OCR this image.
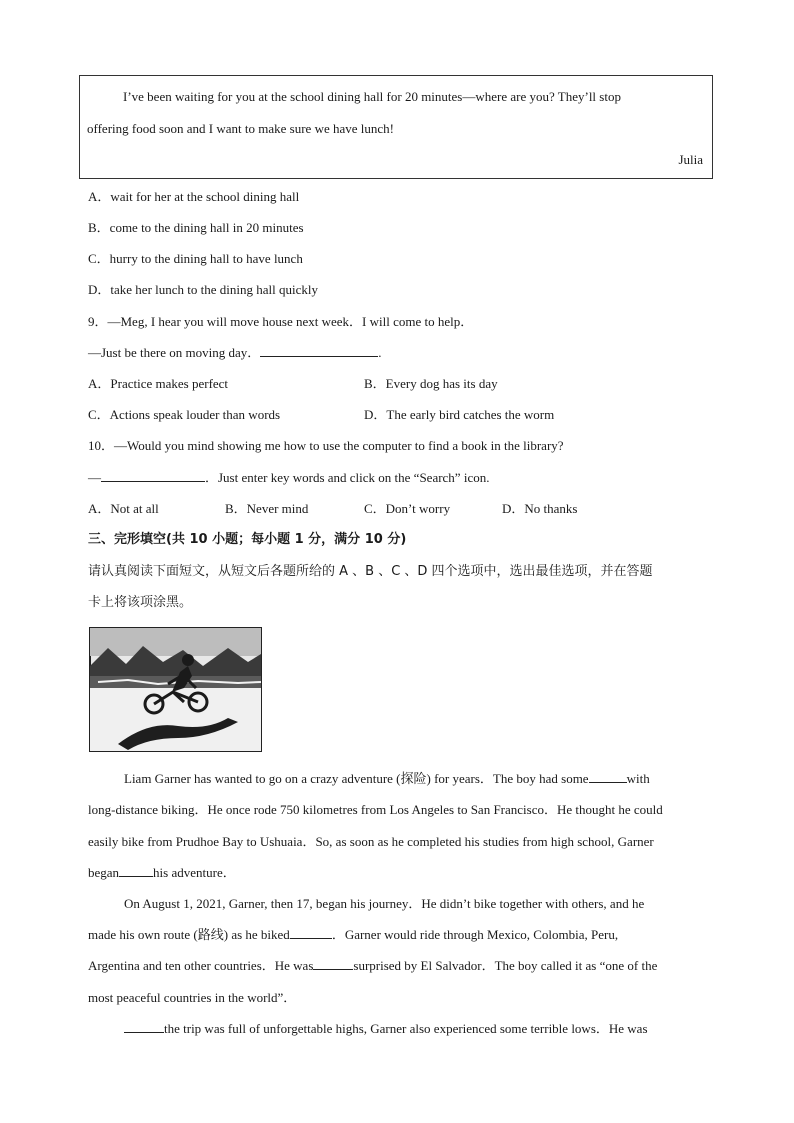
I’ve been waiting for you at the school dining hall for 20 minutes—where are you? They’ll stop
offering food soon and I want to make sure we have lunch!
Julia
A．wait for her at the school dining hall
B．come to the dining hall in 20 minutes
C．hurry to the dining hall to have lunch
D．take her lunch to the dining hall quickly
9．—Meg, I hear you will move house next week．I will come to help．
—Just be there on moving day．	.
A．Practice makes perfect	B．Every dog has its day
C．Actions speak louder than words	D．The early bird catches the worm
10．—Would you mind showing me how to use the computer to find a book in the library?
—	．Just enter key words and click on the “Search” icon.
A．Not at all	B．Never mind	C．Don’t worry	D．No thanks
三、完形填空(共 10 小题；每小题 1 分，满分 10 分)
请认真阅读下面短文，从短文后各题所给的 A 、B 、C 、D 四个选项中，选出最佳选项，并在答题
卡上将该项涂黑。
Liam Garner has wanted to go on a crazy adventure (探险) for years．The boy had some	with
long-distance biking．He once rode 750 kilometres from Los Angeles to San Francisco．He thought he could
easily bike from Prudhoe Bay to Ushuaia．So, as soon as he completed his studies from high school, Garner
began	his adventure．
On August 1, 2021, Garner, then 17, began his journey．He didn’t bike together with others, and he
made his own route (路线) as he biked	．Garner would ride through Mexico, Colombia, Peru,
Argentina and ten other countries．He was	surprised by El Salvador．The boy called it as “one of the
most peaceful countries in the world”．
the trip was full of unforgettable highs, Garner also experienced some terrible lows．He was
